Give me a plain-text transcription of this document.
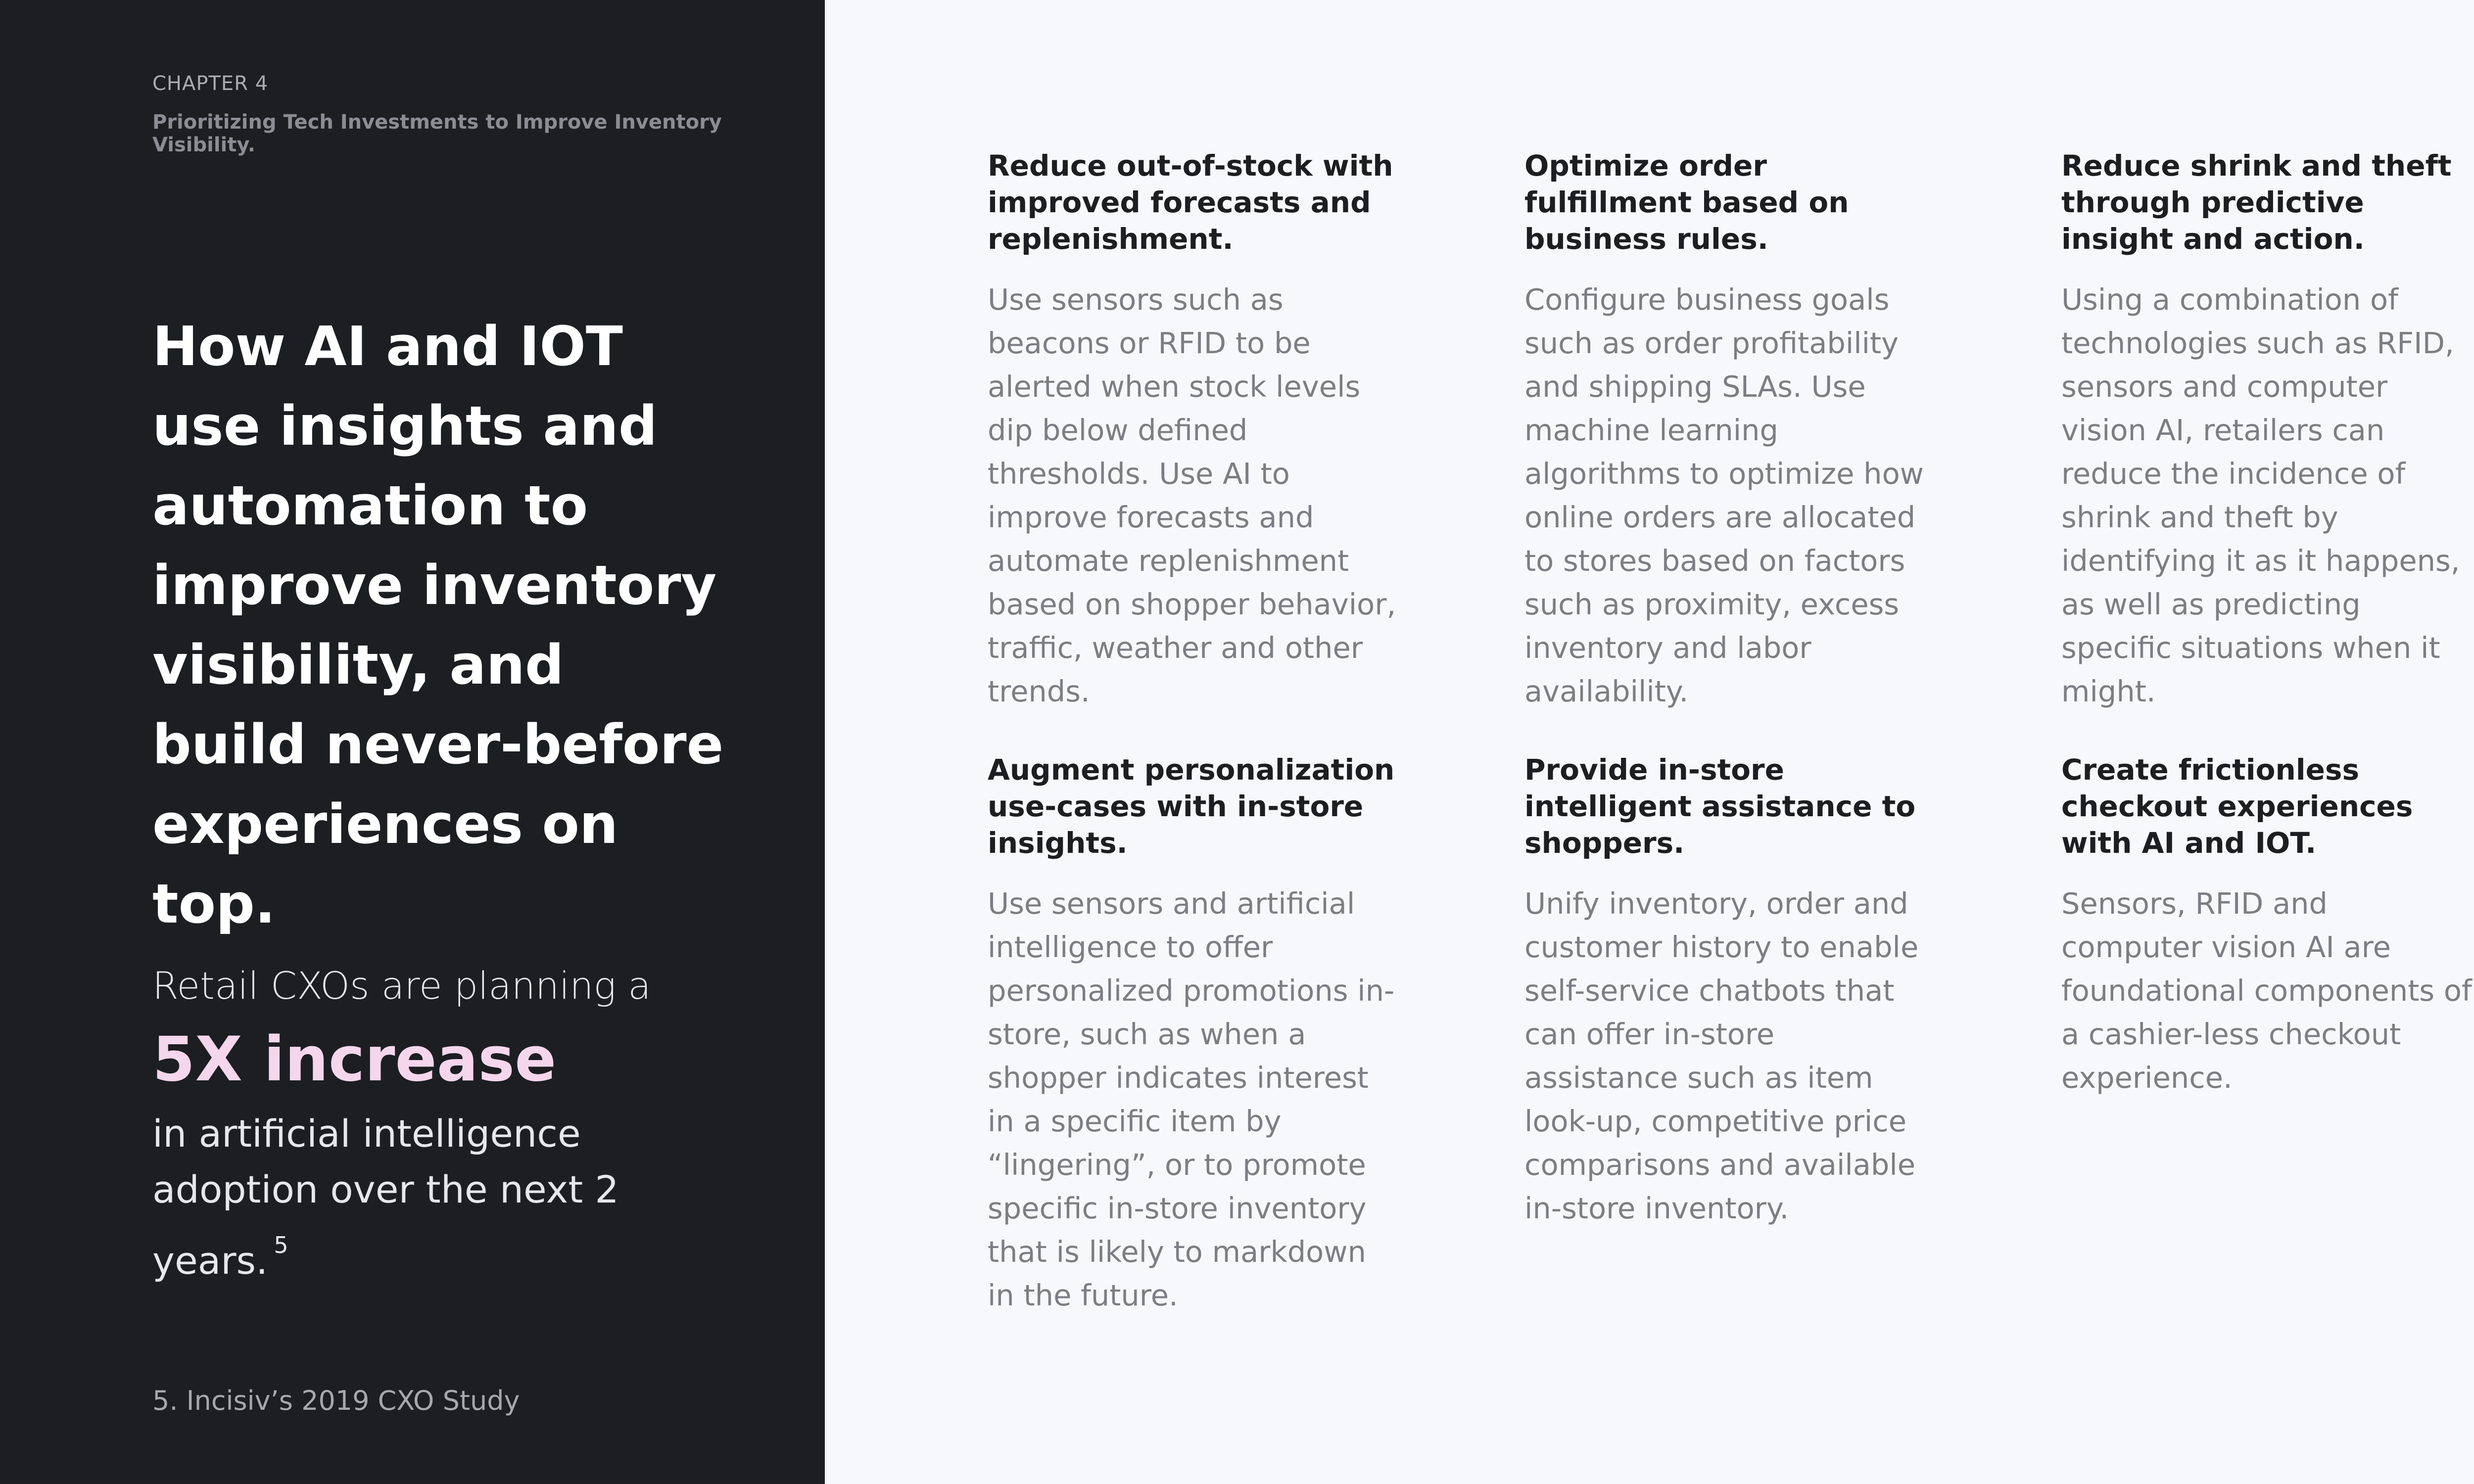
CHAPTER 4
Prioritizing Tech Investments to Improve Inventory Visibility.
How AI and IOT use insights and automation to improve inventory visibility, and build never-before experiences on top.
Retail CXOs are planning a
5X increase
in artificial intelligence adoption over the next 2 years. $^5$
5. Incisiv’s 2019 CXO Study
Reduce out-of-stock with improved forecasts and replenishment.
Use sensors such as beacons or RFID to be alerted when stock levels dip below defined thresholds. Use AI to improve forecasts and automate replenishment based on shopper behavior, traffic, weather and other trends.
Optimize order fulfillment based on business rules.
Configure business goals such as order profitability and shipping SLAs. Use machine learning algorithms to optimize how online orders are allocated to stores based on factors such as proximity, excess inventory and labor availability.
Reduce shrink and theft through predictive insight and action.
Using a combination of technologies such as RFID, sensors and computer vision AI, retailers can reduce the incidence of shrink and theft by identifying it as it happens, as well as predicting specific situations when it might.
Augment personalization use-cases with in-store insights.
Use sensors and artificial intelligence to offer personalized promotions in-store, such as when a shopper indicates interest in a specific item by “lingering”, or to promote specific in-store inventory that is likely to markdown in the future.
Provide in-store intelligent assistance to shoppers.
Unify inventory, order and customer history to enable self-service chatbots that can offer in-store assistance such as item look-up, competitive price comparisons and available in-store inventory.
Create frictionless checkout experiences with AI and IOT.
Sensors, RFID and computer vision AI are foundational components of a cashier-less checkout experience.
